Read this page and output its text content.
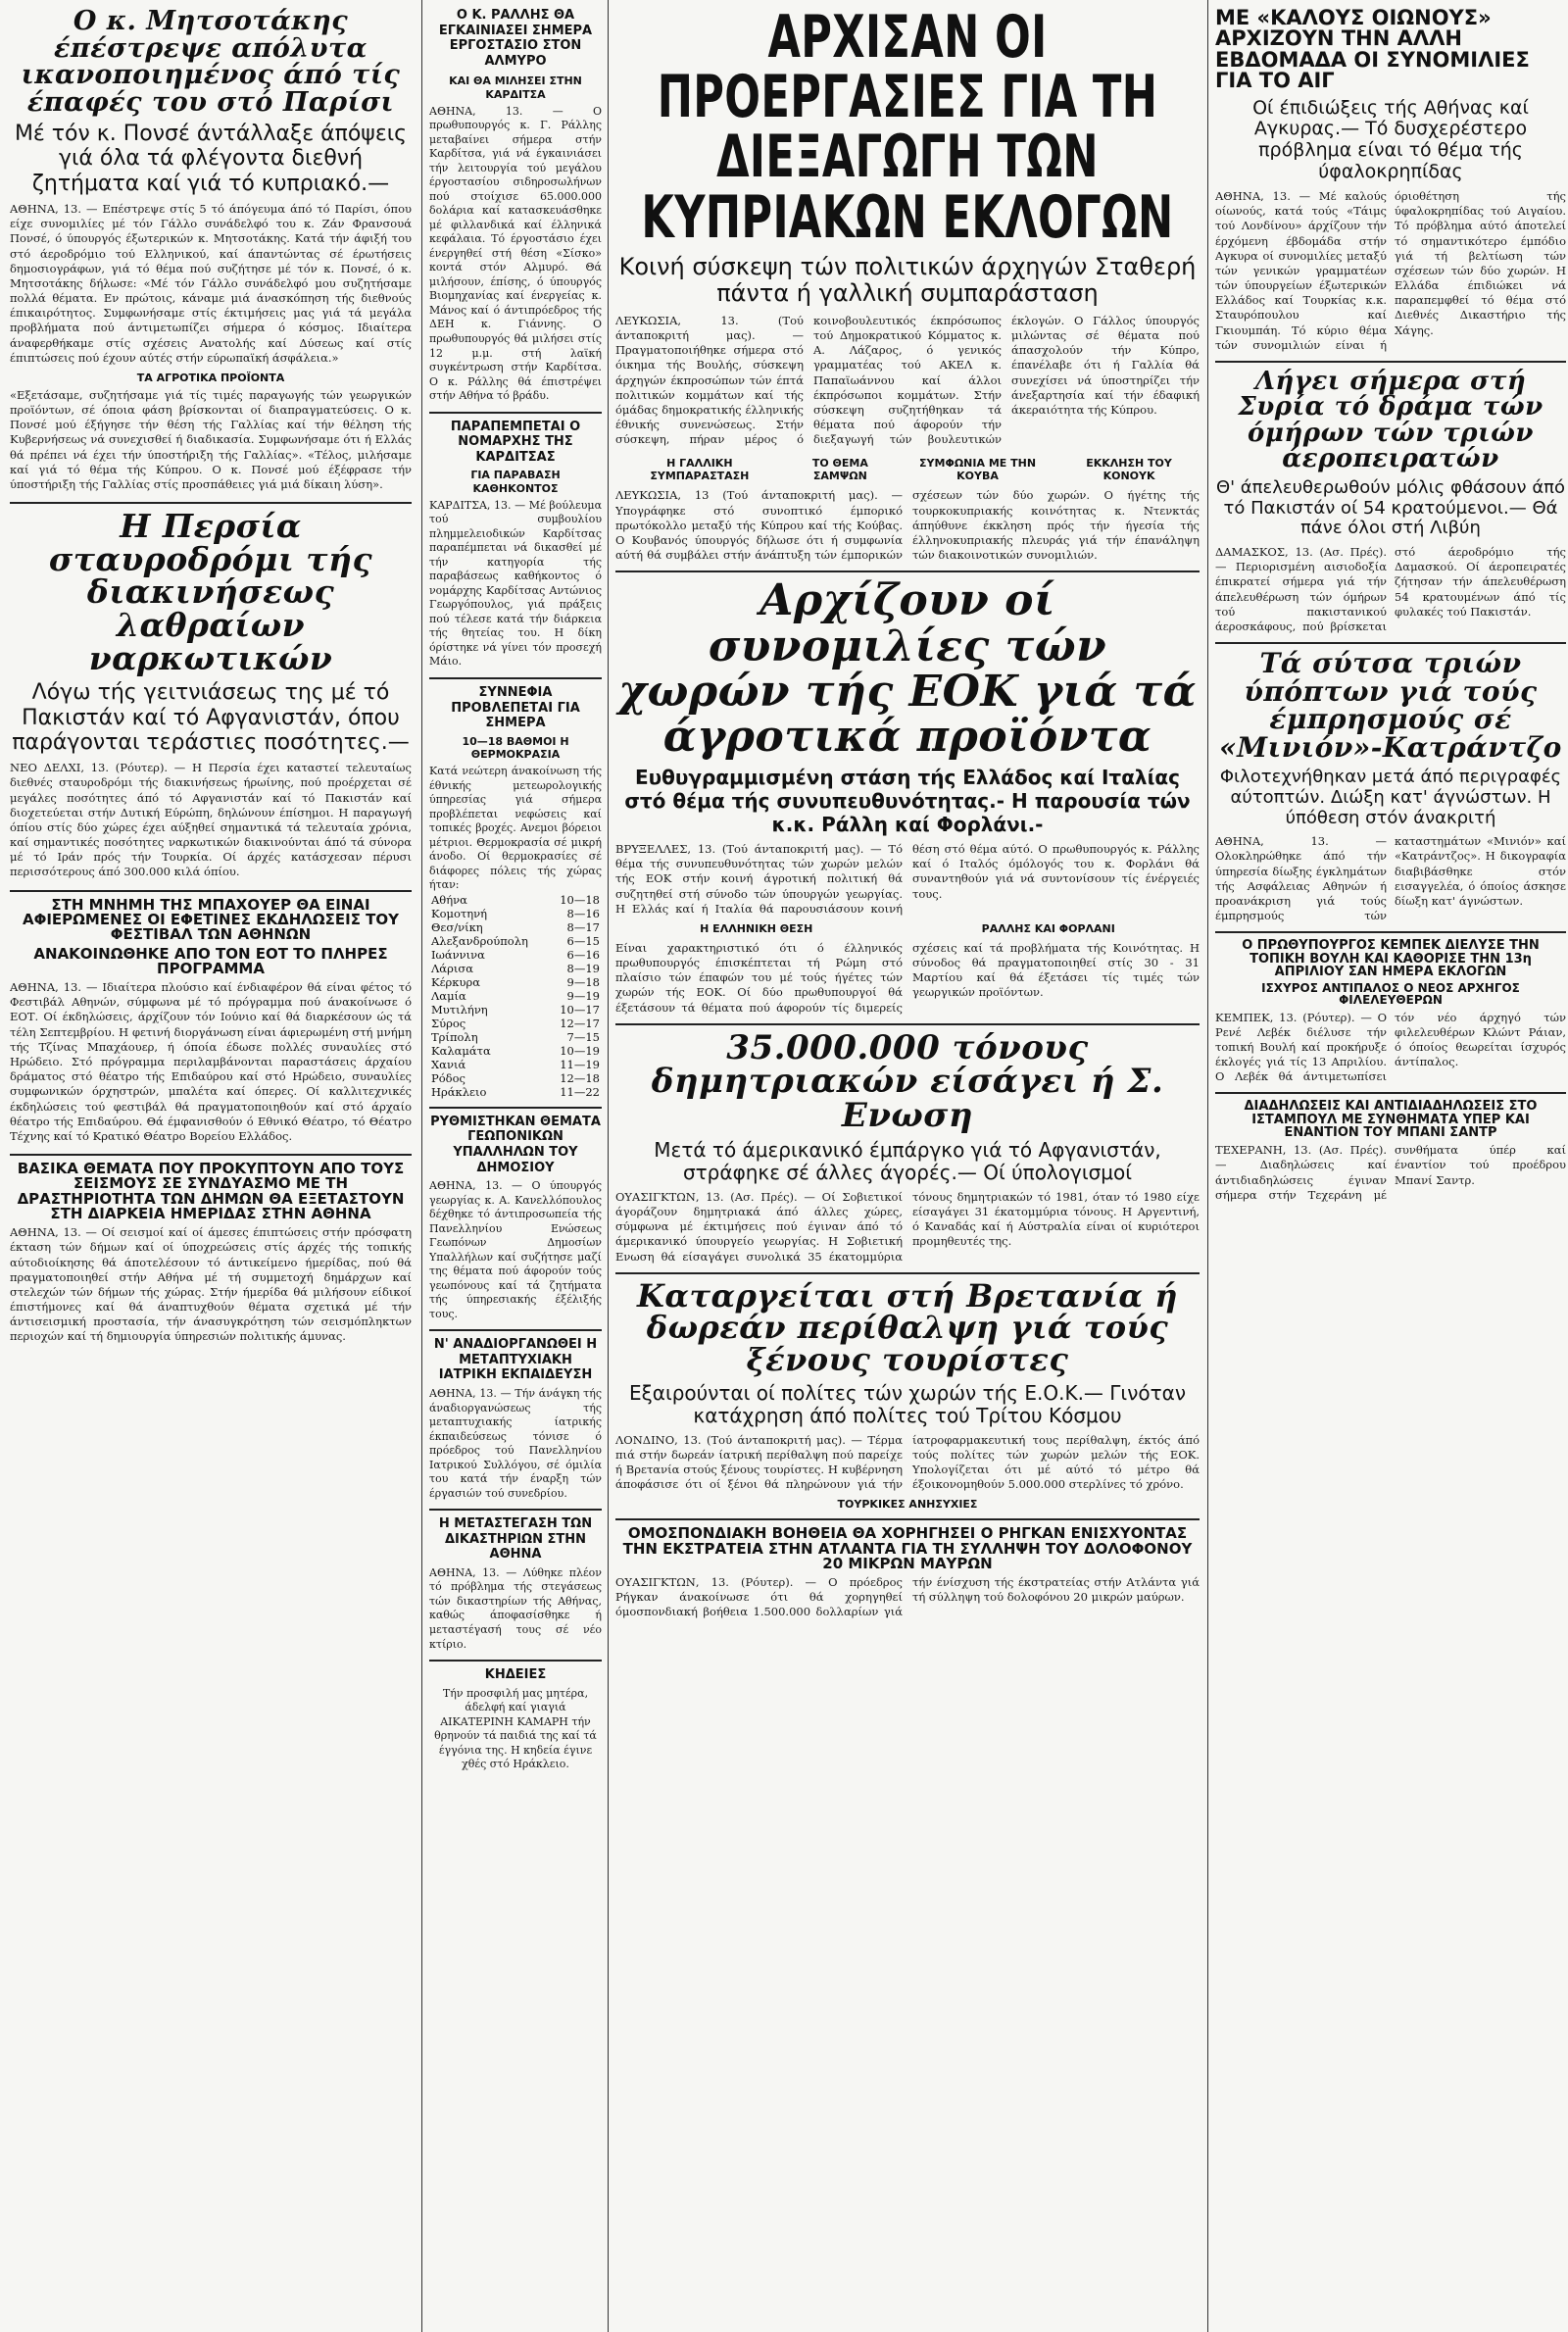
Ο κ. Μητσοτάκης έπέστρεψε απόλυτα ικανοποιημένος άπό τίς έπαφές του στό Παρίσι

Μέ τόν κ. Πονσέ άντάλλαξε άπόψεις γιά όλα τά φλέγοντα διεθνή ζητήματα καί γιά τό κυπριακό.—

ΑΘΗΝΑ, 13. — Επέστρεψε στίς 5 τό άπόγευμα άπό τό Παρίσι, όπου είχε συνομιλίες μέ τόν Γάλλο συνάδελφό του κ. Ζάν Φρανσουά Πονσέ, ό ύπουργός έξωτερικών κ. Μητσοτάκης. Κατά τήν άφιξή του στό άεροδρόμιο τού Ελληνικού, καί άπαντώντας σέ έρωτήσεις δημοσιογράφων, γιά τό θέμα πού συζήτησε μέ τόν κ. Πονσέ, ό κ. Μητσοτάκης δήλωσε: «Μέ τόν Γάλλο συνάδελφό μου συζητήσαμε πολλά θέματα. Εν πρώτοις, κάναμε μιά άνασκόπηση τής διεθνούς έπικαιρότητος. Συμφωνήσαμε στίς έκτιμήσεις μας γιά τά μεγάλα προβλήματα πού άντιμετωπίζει σήμερα ό κόσμος. Ιδιαίτερα άναφερθήκαμε στίς σχέσεις Ανατολής καί Δύσεως καί στίς έπιπτώσεις πού έχουν αύτές στήν εύρωπαϊκή άσφάλεια.»

ΤΑ ΑΓΡΟΤΙΚΑ ΠΡΟΪΟΝΤΑ

«Εξετάσαμε, συζητήσαμε γιά τίς τιμές παραγωγής τών γεωργικών προϊόντων, σέ όποια φάση βρίσκονται οί διαπραγματεύσεις. Ο κ. Πονσέ μού έξήγησε τήν θέση τής Γαλλίας καί τήν θέληση τής Κυβερνήσεως νά συνεχισθεί ή διαδικασία. Συμφωνήσαμε ότι ή Ελλάς θά πρέπει νά έχει τήν ύποστήριξη τής Γαλλίας». «Τέλος, μιλήσαμε καί γιά τό θέμα τής Κύπρου. Ο κ. Πονσέ μού έξέφρασε τήν ύποστήριξη τής Γαλλίας στίς προσπάθειες γιά μιά δίκαιη λύση».

Η Περσία σταυροδρόμι τής διακινήσεως λαθραίων ναρκωτικών

Λόγω τής γειτνιάσεως της μέ τό Πακιστάν καί τό Αφγανιστάν, όπου παράγονται τεράστιες ποσότητες.—

ΝΕΟ ΔΕΛΧΙ, 13. (Ρόυτερ). — Η Περσία έχει καταστεί τελευταίως διεθνές σταυροδρόμι τής διακινήσεως ήρωίνης, πού προέρχεται σέ μεγάλες ποσότητες άπό τό Αφγανιστάν καί τό Πακιστάν καί διοχετεύεται στήν Δυτική Εύρώπη, δηλώνουν έπίσημοι. Η παραγωγή όπίου στίς δύο χώρες έχει αύξηθεί σημαντικά τά τελευταία χρόνια, καί σημαντικές ποσότητες ναρκωτικών διακινούνται άπό τά σύνορα μέ τό Ιράν πρός τήν Τουρκία. Οί άρχές κατάσχεσαν πέρυσι περισσότερους άπό 300.000 κιλά όπίου.

ΣΤΗ ΜΝΗΜΗ ΤΗΣ ΜΠΑΧΟΥΕΡ ΘΑ ΕΙΝΑΙ ΑΦΙΕΡΩΜΕΝΕΣ ΟΙ ΕΦΕΤΙΝΕΣ ΕΚΔΗΛΩΣΕΙΣ ΤΟΥ ΦΕΣΤΙΒΑΛ ΤΩΝ ΑΘΗΝΩΝ
ΑΝΑΚΟΙΝΩΘΗΚΕ ΑΠΟ ΤΟΝ ΕΟΤ ΤΟ ΠΛΗΡΕΣ ΠΡΟΓΡΑΜΜΑ

ΑΘΗΝΑ, 13. — Ιδιαίτερα πλούσιο καί ένδιαφέρον θά είναι φέτος τό Φεστιβάλ Αθηνών, σύμφωνα μέ τό πρόγραμμα πού άνακοίνωσε ό ΕΟΤ. Οί έκδηλώσεις, άρχίζουν τόν Ιούνιο καί θά διαρκέσουν ώς τά τέλη Σεπτεμβρίου. Η φετινή διοργάνωση είναι άφιερωμένη στή μνήμη τής Τζίνας Μπαχάουερ, ή όποία έδωσε πολλές συναυλίες στό Ηρώδειο. Στό πρόγραμμα περιλαμβάνονται παραστάσεις άρχαίου δράματος στό θέατρο τής Επιδαύρου καί στό Ηρώδειο, συναυλίες συμφωνικών όρχηστρών, μπαλέτα καί όπερες. Οί καλλιτεχνικές έκδηλώσεις τού φεστιβάλ θά πραγματοποιηθούν καί στό άρχαίο θέατρο τής Επιδαύρου. Θά έμφανισθούν ό Εθνικό Θέατρο, τό Θέατρο Τέχνης καί τό Κρατικό Θέατρο Βορείου Ελλάδος.

ΒΑΣΙΚΑ ΘΕΜΑΤΑ ΠΟΥ ΠΡΟΚΥΠΤΟΥΝ ΑΠΟ ΤΟΥΣ ΣΕΙΣΜΟΥΣ ΣΕ ΣΥΝΔΥΑΣΜΟ ΜΕ ΤΗ ΔΡΑΣΤΗΡΙΟΤΗΤΑ ΤΩΝ ΔΗΜΩΝ ΘΑ ΕΞΕΤΑΣΤΟΥΝ ΣΤΗ ΔΙΑΡΚΕΙΑ ΗΜΕΡΙΔΑΣ ΣΤΗΝ ΑΘΗΝΑ

ΑΘΗΝΑ, 13. — Οί σεισμοί καί οί άμεσες έπιπτώσεις στήν πρόσφατη έκταση τών δήμων καί οί ύποχρεώσεις στίς άρχές τής τοπικής αύτοδιοίκησης θά άποτελέσουν τό άντικείμενο ήμερίδας, πού θά πραγματοποιηθεί στήν Αθήνα μέ τή συμμετοχή δημάρχων καί στελεχών τών δήμων τής χώρας. Στήν ήμερίδα θά μιλήσουν είδικοί έπιστήμονες καί θά άναπτυχθούν θέματα σχετικά μέ τήν άντισεισμική προστασία, τήν άνασυγκρότηση τών σεισμόπληκτων περιοχών καί τή δημιουργία ύπηρεσιών πολιτικής άμυνας.

Ο Κ. ΡΑΛΛΗΣ ΘΑ ΕΓΚΑΙΝΙΑΣΕΙ ΣΗΜΕΡΑ ΕΡΓΟΣΤΑΣΙΟ ΣΤΟΝ ΑΛΜΥΡΟ
ΚΑΙ ΘΑ ΜΙΛΗΣΕΙ ΣΤΗΝ ΚΑΡΔΙΤΣΑ

ΑΘΗΝΑ, 13. — Ο πρωθυπουργός κ. Γ. Ράλλης μεταβαίνει σήμερα στήν Καρδίτσα, γιά νά έγκαινιάσει τήν λειτουργία τού μεγάλου έργοστασίου σιδηροσωλήνων πού στοίχισε 65.000.000 δολάρια καί κατασκευάσθηκε μέ φιλλανδικά καί έλληνικά κεφάλαια. Τό έργοστάσιο έχει ένεργηθεί στή θέση «Σίσκο» κοντά στόν Αλμυρό. Θά μιλήσουν, έπίσης, ό ύπουργός Βιομηχανίας καί ένεργείας κ. Μάνος καί ό άντιπρόεδρος τής ΔΕΗ κ. Γιάννης. Ο πρωθυπουργός θά μιλήσει στίς 12 μ.μ. στή λαϊκή συγκέντρωση στήν Καρδίτσα. Ο κ. Ράλλης θά έπιστρέψει στήν Αθήνα τό βράδυ.

ΠΑΡΑΠΕΜΠΕΤΑΙ Ο ΝΟΜΑΡΧΗΣ ΤΗΣ ΚΑΡΔΙΤΣΑΣ
ΓΙΑ ΠΑΡΑΒΑΣΗ ΚΑΘΗΚΟΝΤΟΣ

ΚΑΡΔΙΤΣΑ, 13. — Μέ βούλευμα τού συμβουλίου πλημμελειοδικών Καρδίτσας παραπέμπεται νά δικασθεί μέ τήν κατηγορία τής παραβάσεως καθήκοντος ό νομάρχης Καρδίτσας Αντώνιος Γεωργόπουλος, γιά πράξεις πού τέλεσε κατά τήν διάρκεια τής θητείας του. Η δίκη όρίστηκε νά γίνει τόν προσεχή Μάιο.

ΣΥΝΝΕΦΙΑ ΠΡΟΒΛΕΠΕΤΑΙ ΓΙΑ ΣΗΜΕΡΑ
10—18 ΒΑΘΜΟΙ Η ΘΕΡΜΟΚΡΑΣΙΑ

Κατά νεώτερη άνακοίνωση τής έθνικής μετεωρολογικής ύπηρεσίας γιά σήμερα προβλέπεται νεφώσεις καί τοπικές βροχές. Ανεμοι βόρειοι μέτριοι. Θερμοκρασία σέ μικρή άνοδο. Οί θερμοκρασίες σέ διάφορες πόλεις τής χώρας ήταν:

Αθήνα	10—18
Κομοτηνή	8—16
Θεσ/νίκη	8—17
Αλεξανδρούπολη	6—15
Ιωάννινα	6—16
Λάρισα	8—19
Κέρκυρα	9—18
Λαμία	9—19
Μυτιλήνη	10—17
Σύρος	12—17
Τρίπολη	7—15
Καλαμάτα	10—19
Χανιά	11—19
Ρόδος	12—18
Ηράκλειο	11—22
ΡΥΘΜΙΣΤΗΚΑΝ ΘΕΜΑΤΑ ΓΕΩΠΟΝΙΚΩΝ ΥΠΑΛΛΗΛΩΝ ΤΟΥ ΔΗΜΟΣΙΟΥ

ΑΘΗΝΑ, 13. — Ο ύπουργός γεωργίας κ. Α. Κανελλόπουλος δέχθηκε τό άντιπροσωπεία τής Πανελληνίου Ενώσεως Γεωπόνων Δημοσίων Υπαλλήλων καί συζήτησε μαζί της θέματα πού άφορούν τούς γεωπόνους καί τά ζητήματα τής ύπηρεσιακής έξέλιξής τους.

Ν' ΑΝΑΔΙΟΡΓΑΝΩΘΕΙ Η ΜΕΤΑΠΤΥΧΙΑΚΗ ΙΑΤΡΙΚΗ ΕΚΠΑΙΔΕΥΣΗ

ΑΘΗΝΑ, 13. — Τήν άνάγκη τής άναδιοργανώσεως τής μεταπτυχιακής ίατρικής έκπαιδεύσεως τόνισε ό πρόεδρος τού Πανελληνίου Ιατρικού Συλλόγου, σέ όμιλία του κατά τήν έναρξη τών έργασιών τού συνεδρίου.

Η ΜΕΤΑΣΤΕΓΑΣΗ ΤΩΝ ΔΙΚΑΣΤΗΡΙΩΝ ΣΤΗΝ ΑΘΗΝΑ

ΑΘΗΝΑ, 13. — Λύθηκε πλέον τό πρόβλημα τής στεγάσεως τών δικαστηρίων τής Αθήνας, καθώς άποφασίσθηκε ή μεταστέγασή τους σέ νέο κτίριο.

ΚΗΔΕΙΕΣ

Τήν προσφιλή μας μητέρα, άδελφή καί γιαγιά ΑΙΚΑΤΕΡΙΝΗ ΚΑΜΑΡΗ τήν θρηνούν τά παιδιά της καί τά έγγόνια της. Η κηδεία έγινε χθές στό Ηράκλειο.

ΑΡΧΙΣΑΝ ΟΙ ΠΡΟΕΡΓΑΣΙΕΣ ΓΙΑ ΤΗ ΔΙΕΞΑΓΩΓΗ ΤΩΝ ΚΥΠΡΙΑΚΩΝ ΕΚΛΟΓΩΝ

Κοινή σύσκεψη τών πολιτικών άρχηγών Σταθερή πάντα ή γαλλική συμπαράσταση

ΛΕΥΚΩΣΙΑ, 13. (Τού άνταποκριτή μας). — Πραγματοποιήθηκε σήμερα στό όικημα τής Βουλής, σύσκεψη άρχηγών έκπροσώπων τών έπτά πολιτικών κομμάτων καί τής όμάδας δημοκρατικής έλληνικής έθνικής συνενώσεως. Στήν σύσκεψη, πήραν μέρος ό κοινοβουλευτικός έκπρόσωπος τού Δημοκρατικού Κόμματος κ. Α. Λάζαρος, ό γενικός γραμματέας τού ΑΚΕΛ κ. Παπαϊωάννου καί άλλοι έκπρόσωποι κομμάτων. Στήν σύσκεψη συζητήθηκαν τά θέματα πού άφορούν τήν διεξαγωγή τών βουλευτικών έκλογών. Ο Γάλλος ύπουργός μιλώντας σέ θέματα πού άπασχολούν τήν Κύπρο, έπανέλαβε ότι ή Γαλλία θά συνεχίσει νά ύποστηρίζει τήν άνεξαρτησία καί τήν έδαφική άκεραιότητα τής Κύπρου.

Η ΓΑΛΛΙΚΗ ΣΥΜΠΑΡΑΣΤΑΣΗ
ΤΟ ΘΕΜΑ ΣΑΜΨΩΝ
ΣΥΜΦΩΝΙΑ ΜΕ ΤΗΝ ΚΟΥΒΑ
ΕΚΚΛΗΣΗ ΤΟΥ ΚΟΝΟΥΚ

ΛΕΥΚΩΣΙΑ, 13 (Τού άνταποκριτή μας). — Υπογράφηκε στό συνοπτικό έμπορικό πρωτόκολλο μεταξύ τής Κύπρου καί τής Κούβας. Ο Κουβανός ύπουργός δήλωσε ότι ή συμφωνία αύτή θά συμβάλει στήν άνάπτυξη τών έμπορικών σχέσεων τών δύο χωρών. Ο ήγέτης τής τουρκοκυπριακής κοινότητας κ. Ντενκτάς άπηύθυνε έκκληση πρός τήν ήγεσία τής έλληνοκυπριακής πλευράς γιά τήν έπανάληψη τών διακοινοτικών συνομιλιών.

Αρχίζουν οί συνομιλίες τών χωρών τής ΕΟΚ γιά τά άγροτικά προϊόντα

Ευθυγραμμισμένη στάση τής Ελλάδος καί Ιταλίας στό θέμα τής συνυπευθυνότητας.- Η παρουσία τών κ.κ. Ράλλη καί Φορλάνι.-

ΒΡΥΞΕΛΛΕΣ, 13. (Τού άνταποκριτή μας). — Τό θέμα τής συνυπευθυνότητας τών χωρών μελών τής ΕΟΚ στήν κοινή άγροτική πολιτική θά συζητηθεί στή σύνοδο τών ύπουργών γεωργίας. Η Ελλάς καί ή Ιταλία θά παρουσιάσουν κοινή θέση στό θέμα αύτό. Ο πρωθυπουργός κ. Ράλλης καί ό Ιταλός όμόλογός του κ. Φορλάνι θά συναντηθούν γιά νά συντονίσουν τίς ένέργειές τους.

Η ΕΛΛΗΝΙΚΗ ΘΕΣΗ	ΡΑΛΛΗΣ ΚΑΙ ΦΟΡΛΑΝΙ

Είναι χαρακτηριστικό ότι ό έλληνικός πρωθυπουργός έπισκέπτεται τή Ρώμη στό πλαίσιο τών έπαφών του μέ τούς ήγέτες τών χωρών τής ΕΟΚ. Οί δύο πρωθυπουργοί θά έξετάσουν τά θέματα πού άφορούν τίς διμερείς σχέσεις καί τά προβλήματα τής Κοινότητας. Η σύνοδος θά πραγματοποιηθεί στίς 30 - 31 Μαρτίου καί θά έξετάσει τίς τιμές τών γεωργικών προϊόντων.

35.000.000 τόνους δημητριακών είσάγει ή Σ. Ενωση

Μετά τό άμερικανικό έμπάργκο γιά τό Αφγανιστάν, στράφηκε σέ άλλες άγορές.— Οί ύπολογισμοί

ΟΥΑΣΙΓΚΤΩΝ, 13. (Ασ. Πρές). — Οί Σοβιετικοί άγοράζουν δημητριακά άπό άλλες χώρες, σύμφωνα μέ έκτιμήσεις πού έγιναν άπό τό άμερικανικό ύπουργείο γεωργίας. Η Σοβιετική Ενωση θά είσαγάγει συνολικά 35 έκατομμύρια τόνους δημητριακών τό 1981, όταν τό 1980 είχε είσαγάγει 31 έκατομμύρια τόνους. Η Αργεντινή, ό Καναδάς καί ή Αύστραλία είναι οί κυριότεροι προμηθευτές της.

Καταργείται στή Βρετανία ή δωρεάν περίθαλψη γιά τούς ξένους τουρίστες

Εξαιρούνται οί πολίτες τών χωρών τής Ε.Ο.Κ.— Γινόταν κατάχρηση άπό πολίτες τού Τρίτου Κόσμου

ΛΟΝΔΙΝΟ, 13. (Τού άνταποκριτή μας). — Τέρμα πιά στήν δωρεάν ίατρική περίθαλψη πού παρείχε ή Βρετανία στούς ξένους τουρίστες. Η κυβέρνηση άποφάσισε ότι οί ξένοι θά πληρώνουν γιά τήν ίατροφαρμακευτική τους περίθαλψη, έκτός άπό τούς πολίτες τών χωρών μελών τής ΕΟΚ. Υπολογίζεται ότι μέ αύτό τό μέτρο θά έξοικονομηθούν 5.000.000 στερλίνες τό χρόνο.

ΤΟΥΡΚΙΚΕΣ ΑΝΗΣΥΧΙΕΣ
ΟΜΟΣΠΟΝΔΙΑΚΗ ΒΟΗΘΕΙΑ ΘΑ ΧΟΡΗΓΗΣΕΙ Ο ΡΗΓΚΑΝ ΕΝΙΣΧΥΟΝΤΑΣ ΤΗΝ ΕΚΣΤΡΑΤΕΙΑ ΣΤΗΝ ΑΤΛΑΝΤΑ ΓΙΑ ΤΗ ΣΥΛΛΗΨΗ ΤΟΥ ΔΟΛΟΦΟΝΟΥ 20 ΜΙΚΡΩΝ ΜΑΥΡΩΝ

ΟΥΑΣΙΓΚΤΩΝ, 13. (Ρόυτερ). — Ο πρόεδρος Ρήγκαν άνακοίνωσε ότι θά χορηγηθεί όμοσπονδιακή βοήθεια 1.500.000 δολλαρίων γιά τήν ένίσχυση τής έκστρατείας στήν Ατλάντα γιά τή σύλληψη τού δολοφόνου 20 μικρών μαύρων.

ΜΕ «ΚΑΛΟΥΣ ΟΙΩΝΟΥΣ» ΑΡΧΙΖΟΥΝ ΤΗΝ ΑΛΛΗ ΕΒΔΟΜΑΔΑ ΟΙ ΣΥΝΟΜΙΛΙΕΣ ΓΙΑ ΤΟ ΑΙΓ

Οί έπιδιώξεις τής Αθήνας καί Αγκυρας.— Τό δυσχερέστερο πρόβλημα είναι τό θέμα τής ύφαλοκρηπίδας

ΑΘΗΝΑ, 13. — Μέ καλούς οίωνούς, κατά τούς «Τάιμς τού Λονδίνου» άρχίζουν τήν έρχόμενη έβδομάδα στήν Αγκυρα οί συνομιλίες μεταξύ τών γενικών γραμματέων τών ύπουργείων έξωτερικών Ελλάδος καί Τουρκίας κ.κ. Σταυρόπουλου καί Γκιουμπάη. Τό κύριο θέμα τών συνομιλιών είναι ή όριοθέτηση τής ύφαλοκρηπίδας τού Αιγαίου. Τό πρόβλημα αύτό άποτελεί τό σημαντικότερο έμπόδιο γιά τή βελτίωση τών σχέσεων τών δύο χωρών. Η Ελλάδα έπιδιώκει νά παραπεμφθεί τό θέμα στό Διεθνές Δικαστήριο τής Χάγης.

Λήγει σήμερα στή Συρία τό δράμα τών όμήρων τών τριών άεροπειρατών

Θ' άπελευθερωθούν μόλις φθάσουν άπό τό Πακιστάν οί 54 κρατούμενοι.— Θά πάνε όλοι στή Λιβύη

ΔΑΜΑΣΚΟΣ, 13. (Ασ. Πρές). — Περιορισμένη αισιοδοξία έπικρατεί σήμερα γιά τήν άπελευθέρωση τών όμήρων τού πακιστανικού άεροσκάφους, πού βρίσκεται στό άεροδρόμιο τής Δαμασκού. Οί άεροπειρατές ζήτησαν τήν άπελευθέρωση 54 κρατουμένων άπό τίς φυλακές τού Πακιστάν.

Τά σύτσα τριών ύπόπτων γιά τούς έμπρησμούς σέ «Μινιόν»-Κατράντζο

Φιλοτεχνήθηκαν μετά άπό περιγραφές αύτοπτών. Διώξη κατ' άγνώστων. Η ύπόθεση στόν άνακριτή

ΑΘΗΝΑ, 13. — Ολοκληρώθηκε άπό τήν ύπηρεσία δίωξης έγκλημάτων τής Ασφάλειας Αθηνών ή προανάκριση γιά τούς έμπρησμούς τών καταστημάτων «Μινιόν» καί «Κατράντζος». Η δικογραφία διαβιβάσθηκε στόν εισαγγελέα, ό όποίος άσκησε δίωξη κατ' άγνώστων.

Ο ΠΡΩΘΥΠΟΥΡΓΟΣ ΚΕΜΠΕΚ ΔΙΕΛΥΣΕ ΤΗΝ ΤΟΠΙΚΗ ΒΟΥΛΗ ΚΑΙ ΚΑΘΟΡΙΣΕ ΤΗΝ 13η ΑΠΡΙΛΙΟΥ ΣΑΝ ΗΜΕΡΑ ΕΚΛΟΓΩΝ
ΙΣΧΥΡΟΣ ΑΝΤΙΠΑΛΟΣ Ο ΝΕΟΣ ΑΡΧΗΓΟΣ ΦΙΛΕΛΕΥΘΕΡΩΝ

ΚΕΜΠΕΚ, 13. (Ρόυτερ). — Ο Ρενέ Λεβέκ διέλυσε τήν τοπική Βουλή καί προκήρυξε έκλογές γιά τίς 13 Απριλίου. Ο Λεβέκ θά άντιμετωπίσει τόν νέο άρχηγό τών φιλελευθέρων Κλώντ Ράιαν, ό όποίος θεωρείται ίσχυρός άντίπαλος.

ΔΙΑΔΗΛΩΣΕΙΣ ΚΑΙ ΑΝΤΙΔΙΑΔΗΛΩΣΕΙΣ ΣΤΟ ΙΣΤΑΜΠΟΥΛ ΜΕ ΣΥΝΘΗΜΑΤΑ ΥΠΕΡ ΚΑΙ ΕΝΑΝΤΙΟΝ ΤΟΥ ΜΠΑΝΙ ΣΑΝΤΡ

ΤΕΧΕΡΑΝΗ, 13. (Ασ. Πρές). — Διαδηλώσεις καί άντιδιαδηλώσεις έγιναν σήμερα στήν Τεχεράνη μέ συνθήματα ύπέρ καί έναντίον τού προέδρου Μπανί Σαντρ.
